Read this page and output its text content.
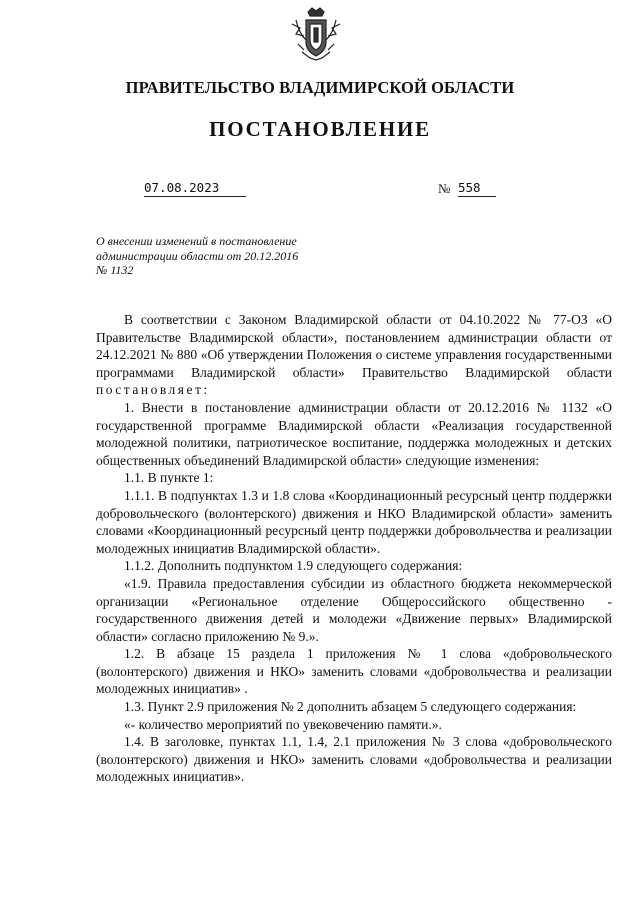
ПРАВИТЕЛЬСТВО ВЛАДИМИРСКОЙ ОБЛАСТИ
ПОСТАНОВЛЕНИЕ
07.08.2023	№ 558
О внесении изменений в постановление
администрации области от 20.12.2016
№ 1132

В соответствии с Законом Владимирской области от 04.10.2022 № 77-ОЗ «О Правительстве Владимирской области», постановлением администрации области от 24.12.2021 № 880 «Об утверждении Положения о системе управления государственными программами Владимирской области» Правительство Владимирской области постановляет:

1. Внести в постановление администрации области от 20.12.2016 № 1132 «О государственной программе Владимирской области «Реализация государственной молодежной политики, патриотическое воспитание, поддержка молодежных и детских общественных объединений Владимирской области» следующие изменения:

1.1. В пункте 1:

1.1.1. В подпунктах 1.3 и 1.8 слова «Координационный ресурсный центр поддержки добровольческого (волонтерского) движения и НКО Владимирской области» заменить словами «Координационный ресурсный центр поддержки добровольчества и реализации молодежных инициатив Владимирской области».

1.1.2. Дополнить подпунктом 1.9 следующего содержания:

«1.9. Правила предоставления субсидии из областного бюджета некоммерческой организации «Региональное отделение Общероссийского общественно - государственного движения детей и молодежи «Движение первых» Владимирской области» согласно приложению № 9.».

1.2. В абзаце 15 раздела 1 приложения № 1 слова «добровольческого (волонтерского) движения и НКО» заменить словами «добровольчества и реализации молодежных инициатив» .

1.3. Пункт 2.9 приложения № 2 дополнить абзацем 5 следующего содержания:

«- количество мероприятий по увековечению памяти.».

1.4. В заголовке, пунктах 1.1, 1.4, 2.1 приложения № 3 слова «добровольческого (волонтерского) движения и НКО» заменить словами «добровольчества и реализации молодежных инициатив».
